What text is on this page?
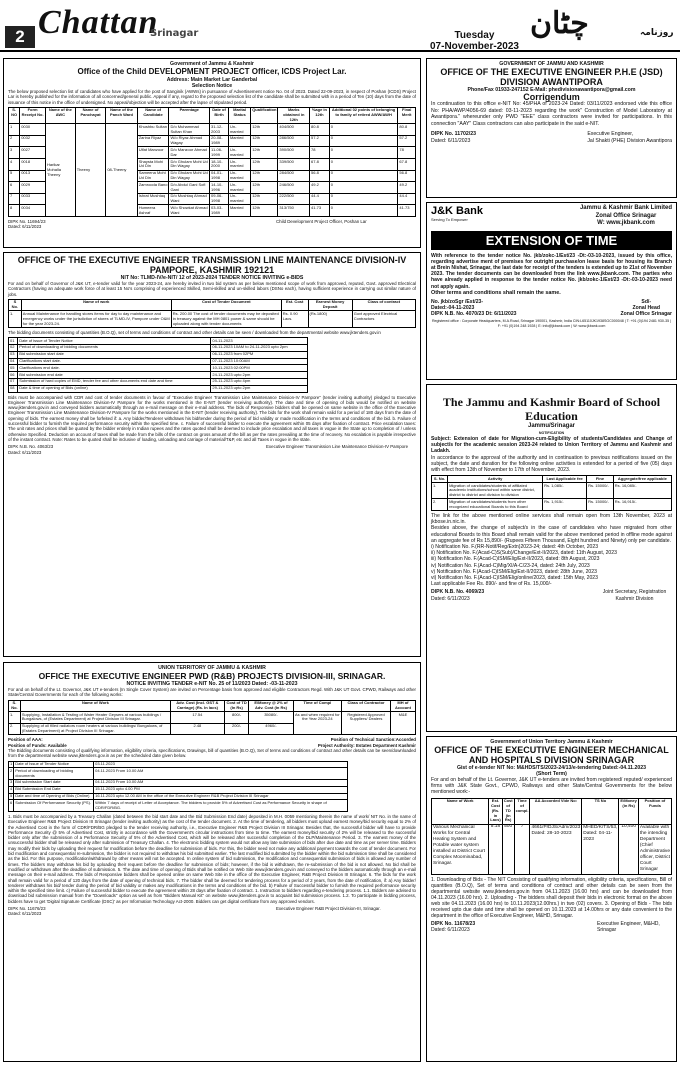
2 Chattan
Srinagar	Tuesday
07-November-2023
چٹان	روزنامہ
Government of Jammu & Kashmir
Office of the Child DEVELOPMENT PROJECT Officer, ICDS Project Lar.
Address: Main Market Lar Ganderbal
Selection Notice

The below proposed selection list of candidates who have applied for the post of Sanginik (AWWs) in pursuance of Advertisement notice No. 04 of 2023. Dated 22-09-2023, in respect of Poshan (ICDS) Project Lar is hereby published for the information of all concerned/general public. Appeal if any, regard to the proposed selection list of the candidate shall be submitted with in a period of Ten (10) days from the date of issuance of this notice in the office of undersigned. No appeal/objection will be accepted after the lapse of stipulated period.

S. NO	Form Receipt No.	Name of the AWC	Name of Panchayat	Name of the Panch Ward	Name of Candidate	Parentage	Date of Birth	Marital Status	Qualification	Marks obtained in 12th	%age in 12th	Additional 02 points of belonging to family of retired AWW/AWH	Final Merit
1	0030	Harikar Mohalla Theeny	Theeny	08-Theeny	Khushbu Sultan	D/o Muhammad Sultan Khan	31-12-2003	Un-married	12th	404/500	80.8	0	80.8
2	0032				Zarina Riyaz	W/o Riyaz Ahmad Wagay	20-08-1989	Married	12th	286/500	57.2	0	57.2
3	0027				Ulfat Manzoor	D/o Manzoor Ahmad Dar	11-06-1999	Un-married	12th	390/500	78	0	78
4	0018				Shaysta Mohi Ud Din	D/o Ghulam Mohi Ud Din Wagay	18-10-2000	Un-married	12th	339/500	67.8	0	67.8
5	0013				Sameena Mohi Ud Din	D/o Ghulam Mohi Ud Din Wagay	04-01-1998	Un-married	12th	284/500	56.8	0	56.8
6	0029				Zamrooda Bano	D/o Abdul Gani Sofi Gani	14-10-1996	Un-married	12th	246/500	49.2	0	49.2
7	0033				Ishrat Mushtaq	D/o Mushtaq Ahmad Wani	09-06-1998	Un-married	12th	222/500	44.4	0	44.4
8	0034				Humeera Ashraf	W/o Showkat Ahmad Wani	03-03-1989	Married	12th	313/750	41.73	0	41.73
DIPK No. 11694/23
Dated: 6/11/2023
Child Development Project Officer, Poshan Lar
OFFICE OF THE EXECUTIVE ENGINEER TRANSMISSION LINE MAINTENANCE DIVISION-IV PAMPORE, KASHMIR 192121
NIT No: TLMD-IV/e-NIT/ 12 of 2023-2024 TENDER NOTICE INVITING e-BIDS

For and on behalf of Governor of J&K UT, e-tender valid for the year 2023-24, are hereby invited in two bid system as per below mentioned scope of work from approved, reputed, Govt. approved Electrical Contractors (having an adequate work force of at least 15 No's comprising of experienced Skilled, Semi-skilled and un-skilled labors (DSNo each), having sufficient experience in carrying out similar nature of jobs.

S No.	Name of work	Cost of Tender Document	Est. Cost	Earnest Money Deposit	Class of contract
1.	Annual Maintenance for handling stores items for day to day maintenance and emergency works under the jurisdiction of stores of TLMD-IV, Pampore under O&M for the year 2023-24.	Rs. 200.00 The cost of tender documents may be deposited in treasury against the MH 0801 power & same should be uploaded along with tender documents	Rs. 0.90 Lacs.	(Rs.1800)	Govt approved Electrical Contractors

The bidding documents consisting of quantities (B.O.Q), set of terms and conditions of contract and other details can be seen / downloaded from the departmental website www.jktenders.gov.in

01	Date of issue of Tender Notice	04-11-2023
02	Period of downloading of bidding documents	06-11-2023 10AM to 24-11-2023 upto 2pm
03	Bid submission start date	06-11-2023 from 02PM
04	Clarifications start date.	07-11-2023 10:00AM
05	Clarifications end date.	10-11-2023 02:00PM
06	Bid submission end date	24-11-2023 upto 2pm
07	Submission of hard copies of EMD, tender fee and other documents end date and time	25-11-2023 upto 4pm
08	Date & time of opening of Bids (online)	29-11-2023 upto 2pm

Bids must be accompanied with CDR and cost of tender documents in favour of "Executive Engineer Transmission Line Maintenance Division-IV Pampore" (tender inviting authority) pledged to Executive Engineer Transmission Line Maintenance Division-IV Pampore for the works mentioned in the E-NIT (tender receiving authority). The date and time of opening of bids would be notified on website www.jktenders.gov.in and conveyed bidders automatically through an e-mail message on their e-mail address. The bids of Responsive bidders shall be opened on same website in the office of the Executive Engineer Transmission Line Maintenance Division-IV Pampore for the works mentioned in the E-NIT (tender receiving authority). The bids for the work shall remain valid for a period of 180 days from the date of opening of bids. The earnest money shall be forfeited if: a. Any bidder/Tenderer withdraws his bid/tender during the period of bid validity or made modification in the terms and conditions of the bid. b. Failure of successful bidder to furnish the required performance security within the specified time. c. Failure of successful bidder to execute the agreement within 05 days after fixation of contract. Price escalation taxes: The unit rates and prices shall be quoted by the bidder entirely in Indian rupees and the rates quoted shall be deemed to include price escalation and all taxes in vogue in the State up to completion of / unless otherwise Specified. Deduction on account of taxes shall be made from the bills of the contract on gross amount of the bill as per the rates prevailing at the time of recovery. No escalation is payable irrespective of the instant contract. Note: Rates to be quoted shall be inclusive of loading, unloading and carriage of material/T&P, etc and all Taxes in vogue in the state.

DIPK N.B. No. 4063/23
Dated: 6/11/2023
Executive Engineer Transmission Line Maintenance Division-IV Pampore
UNION TERRITORY OF JAMMU & KASHMIR
OFFICE THE EXECUTIVE ENGINEER PWD (R&B) PROJECTS DIVISION-III, SRINAGAR.
NOTICE INVITING TENDER e-NIT No. 25 of 11/2023 Dated: -03-11-2023

For and on behalf of the Lt. Governor, J&K UT e-tenders (In Single Cover System) are invited on Percentage basis from approved and eligible Contractors Regd. With J&K UT Govt. CPWD, Railways and other State/Central Governments for each of the following works:

S. No.	Name of Work	Adv. Cost (Incl. GST & Carriage) (Rs. In lacs)	Cost of TD (In Rs)	E/Money @ 2% of Adv. Cost (In Rs)	Time of Compl	Class of Contractor	MH of Account
1.	Supplying, Installation & Testing of Water Heater Geysers at various buildings / Bungalows, of (Estates Department) at Project Division III Srinagar.	17.54	800/-	35080/-	As and when required for the Year 2023-24	Registered Approved Suppliers/ Dealers	M&E
2.	Supplying of oil filled radiators room heaters at various buildings/ Bungalows, of (Estates Department) at Project Division III Srinagar.	2.48	200/-	4960/-			
Position of AAA:	Position of Technical Sanction:Accorded
Position of Funds: Available	Project Authority: Estates Department Kashmir

The Bidding documents consisting of qualifying information, eligibility criteria, specifications, Drawings, bill of quantities (B.O.Q), Set of terms and conditions of contract and other details can be seen/downloaded from the departmental website www.jktenders.gov.in as per the scheduled date given below.

1	Date of Issue of Tender Notice	03.11.2023
2	Period of downloading of bidding documents	04.11.2023 From 10.00 AM
3	Bid submission Start date	04.11.2023 From 10.00 AM
4	Bid Submission End Date	15.11.2023 upto 4.00 PM
5	Date and time of Opening of Bids (Online)	16.11.2023 upto 12.00 AM in the office of the Executive Engineer R&B Project Division III Srinagar
6	Submission Of Performance Security (PS).	Within 7 days of receipt of Letter of Acceptance. The bidders to provide 5% of Advertised Cost as Performance Security in shape of CDR/FDR/BG.

1. Bids must be accompanied by a Treasury Challan (dated between the bid start date and the Bid Submission End date) deposited in M.H. 0059 mentioning therein the name of work/ NIT No. in the name of Executive Engineer R&B Project Division III Srinagar (tender inviting authority) as the cost of the tender document. 2. At the time of tendering, all bidders must upload earnest money/bid security equal to 2% of the Advertised Cost in the form of CDR/FDR/BG pledged to the tender receiving authority, i.e., Executive Engineer R&B Project Division III Srinagar. Besides that, the successful bidder will have to provide Performance Security @ 5% of Advertised Cost, strictly in accordance with the Government's circular instructions from time to time. The earnest money/bid security of 2% will be released to the successful bidder only after the submission of a Performance Security of 5% of the Advertised Cost, which will be released after successful completion of the DLP/Maintenance Period. 3. The earnest money of the unsuccessful bidder shall be released only after submission of Treasury Challan. 4. The electronic bidding system would not allow any late submission of bids after due date and time as per server time. Bidders may modify their bids by uploading their request for modification before the deadline for submission of bids. For this, the bidder need not make any additional payment towards the cost of tender document. For bid modification and consequential re-submission, the bidder is not required to withdraw his bid submitted earlier. The last modified bid submitted by the bidder within the bid submission time shall be considered as the bid. For this purpose, modification/withdrawal by other means will not be accepted. In online system of bid submission, the modification and consequential submission of bids is allowed any number of times. The bidders may withdraw his bid by uploading their request before the deadline for submission of bids; however, if the bid is withdrawn, the re-submission of the bid is not allowed. No bid shall be modified or withdrawn after the deadline of submission. 5. The date and time of opening of Bids shall be notified on Web Site www.jktenders.gov.in and conveyed to the bidders automatically through an e-mail message on their e-mail address. The bids of Responsive bidders shall be opened online on same Web Site in the office of the Executive Engineer, R&B Project Division III Srinagar. 6. The bids for the work shall remain valid for a period of 120 days from the date of opening of technical bids. 7. The bidder shall be deemed for tendering process for a period of 2 years, from the date of notification, if: a) Any bidder/ tenderer withdraws his bid/ tender during the period of bid validity or makes any modifications in the terms and conditions of the bid. b) Failure of Successful bidder to furnish the required performance security within the specified time limit. c) Failure of successful bidder to execute the agreement within 28 days after fixation of contract. 1. Instruction to bidders regarding e-tendering process. 1.1. Bidders are advised to download bid submission manual from the "Downloads" option as well as from "Bidders Manual Kit" on website www.jktenders.gov.in to acquaint bid submission process. 1.2. To participate in bidding process, bidders have to get 'Digital Signature Certificate (DSC)' as per Information Technology Act-2000. Bidders can get digital certificate from any approved vendors.

DIPK No. 11676/23
Dated: 6/11/2023
Executive Engineer R&B Project Division-III, Srinagar.
GOVERNMENT OF JAMMU AND KASHMIR
OFFICE OF THE EXECUTIVE ENGINEER P.H.E (JSD) DIVISION AWANTIPORA
Phone/Fax 01933-247152 E-Mail: phedivisionawantipora@gmail.com
Corrigendum

In continuation to this office e-NIT No: 45/PHA of 2023-24 Dated: 03/11/2023 endorsed vide this office No: PHA/AWP/4056-69 dated: 03-11-2023 regarding the work" Construction of Model Laboratory at Awantipora." whereunder only PWD "EEE" class contractors were invited for participations. In this connection "AAY" Class contractors can also participate in the said e-NIT.

DIPK No. 11702/23
Dated: 6/11/2023
Executive Engineer,
Jal Shakti (PHE) Division Awantipora
J&K Bank
Serving To Empower
Jammu & Kashmir Bank Limited
Zonal Office Srinagar
W: www.jkbank.com
EXTENSION OF TIME

With reference to the tender notice No. jkb/zokc-1/Est/23 -Dt:-03-10-2023, issued by this office, regarding advertise ment of premises for outright purchase/on lease basis for housing its Branch at Brein Nishat, Srinagar, the last date for receipt of the tenders is extended up to 21st of November 2023. The tender documents can be downloaded from the link www.jkbank.com. The parties who have already applied in response to the tender notice No. jkb/zokc-1/Est/23 -Dt:-03-10-2023 need not apply again.

Other terms and conditions shall remain the same.

No. jkb/zoSgr /Est/23-
Dated:-04-11-2023
DIPK N.B. No. 4070/23 Dt: 6/11/2023
Sd/-
Zonal Head
Zonal Office Srinagar

Registered office : Corporate Headquarters, M.A.Road, Srinagar 190001, Kashmir, India CIN:L65110JK1938SGC000048 | T: +91 (0)194 2481 930-35 | F: +91 (0)194 248 1928 | E: info@jkbank.com | W: www.jkbank.com

The Jammu and Kashmir Board of School Education
Jammu/Srinagar
NOTIFICATION

Subject: Extension of date for Migration-cum-Eligibility of students/Candidates and Change of subject/s for the academic session 2023-24 related to Union Territory of Jammu and Kashmir and Ladakh.

In accordance to the approval of the authority and in continuation to previous notifications issued on the subject, the date and duration for the following online activities is extended for a period of five (05) days with effect from 13th of November to 17th of November, 2023.

S. No.	Activity	Last Applicable fee	Fine	Aggregate/free applicable
1.	Migration of candidates/students of affiliated academic institutions/school within same district, district to district and division to division	Rs. 1,085/-	Rs. 15000/-	Rs. 16,085/-
2.	Migration of candidates/students from other recognized educational Boards to this Board	Rs. 1,915/-	Rs. 15000/-	Rs. 16,915/-

The link for the above mentioned online services shall remain open from 13th November, 2023 at jkbose.in.nic.in.

Besides above, the change of subject/s in the case of candidates who have migrated from other educational Boards to this Board shall remain valid for the above mentioned period in offline mode against an aggregate fee of Rs 15,890/- (Rupees Fifteen Thousand, Eight hundred and Ninety) only per candidate.

i) Notification No. F.(RR-Notif/Reg/Extn)2023-24; dated: 4th October, 2023
ii) Notification No. F.(Acad-C)S(Sub)/Change/Ext-II/2023, dated: 11th August, 2023
iii) Notification No. F.(Acad-C)ISM/Elig/Ext-II/2023, dated: 8th August, 2023
iv) Notification No. F.(Acad-C)Mig/XI/A-C/23-24, dated: 24th July, 2023
v) Notification No. F.(Acad-C)ISM/Elig/Ext-II/2023, dated: 28th June, 2023
vi) Notification No. F.(Acad-C)ISM/Elig/online/2023, dated: 15th May, 2023

Last applicable Fee Rs. 890/- and fine of Rs. 15,000/-

DIPK N.B. No. 4069/23
Dated: 6/11/2023
Joint Secretary, Registration Kashmir Division
Government of Union Territory Jammu & Kashmir
OFFICE OF THE EXECUTIVE ENGINEER MECHANICAL AND HOSPITALS DIVISION SRINAGAR
Gist of e-tender NIT No: M&HDS/TS/2023-24/13/e-tendering Dated:-04.11.2023
(Short Term)

For and on behalf of the Lt. Governor, J&K UT e-tenders are invited from registered/ reputed/ experienced firms with J&K State Govt., CPWD, Railways and other State/Central Governments for the below mentioned work:-

Name of Work	Est. Cost (Rs. in Lacs)	Cost of TD (In Rs)	Time of compl.	AA Accorded Vide No:	TS No	E/Money (in Rs)	Position of Funds
Various Mechanical Works for Central Heating System and Potable water system installed at District Court Complex Moominabad, Srinagar.	5.18	500	7	4661/P/DJS/Adm/2023 Dated: 28-10-2023	MHED/K/TS/53, Dated: 04-11-2023	10,400	Available with the intending Department (Chief Administrative officer, District Court Srinagar

1. Downloading of Bids - The NIT Consisting of qualifying information, eligibility criteria, specifications, Bill of quantities (B.O.Q), Set of terms and conditions of contract and other details can be seen from the departmental website www.jktenders.gov.in from 04.11.2023 (16.00 hrs) and can be downloaded from 04.11.2023 (16.00 hrs). 2. Uploading - The bidders shall deposit their bids in electronic format on the above web site 04.11.2023 (16.00 hrs) to 10.11.2023(12.00hrs.) in two (02) covers. 3. Opening of Bids - The bids received upto due date and time shall be opened on 10.11.2023 at 14.00hrs or any date convenient to the department in the office of Executive Engineer, M&HD, Srinagar.

DIPK No. 11678/23
Dated: 6/11/2023
Executive Engineer, M&HD, Srinagar
